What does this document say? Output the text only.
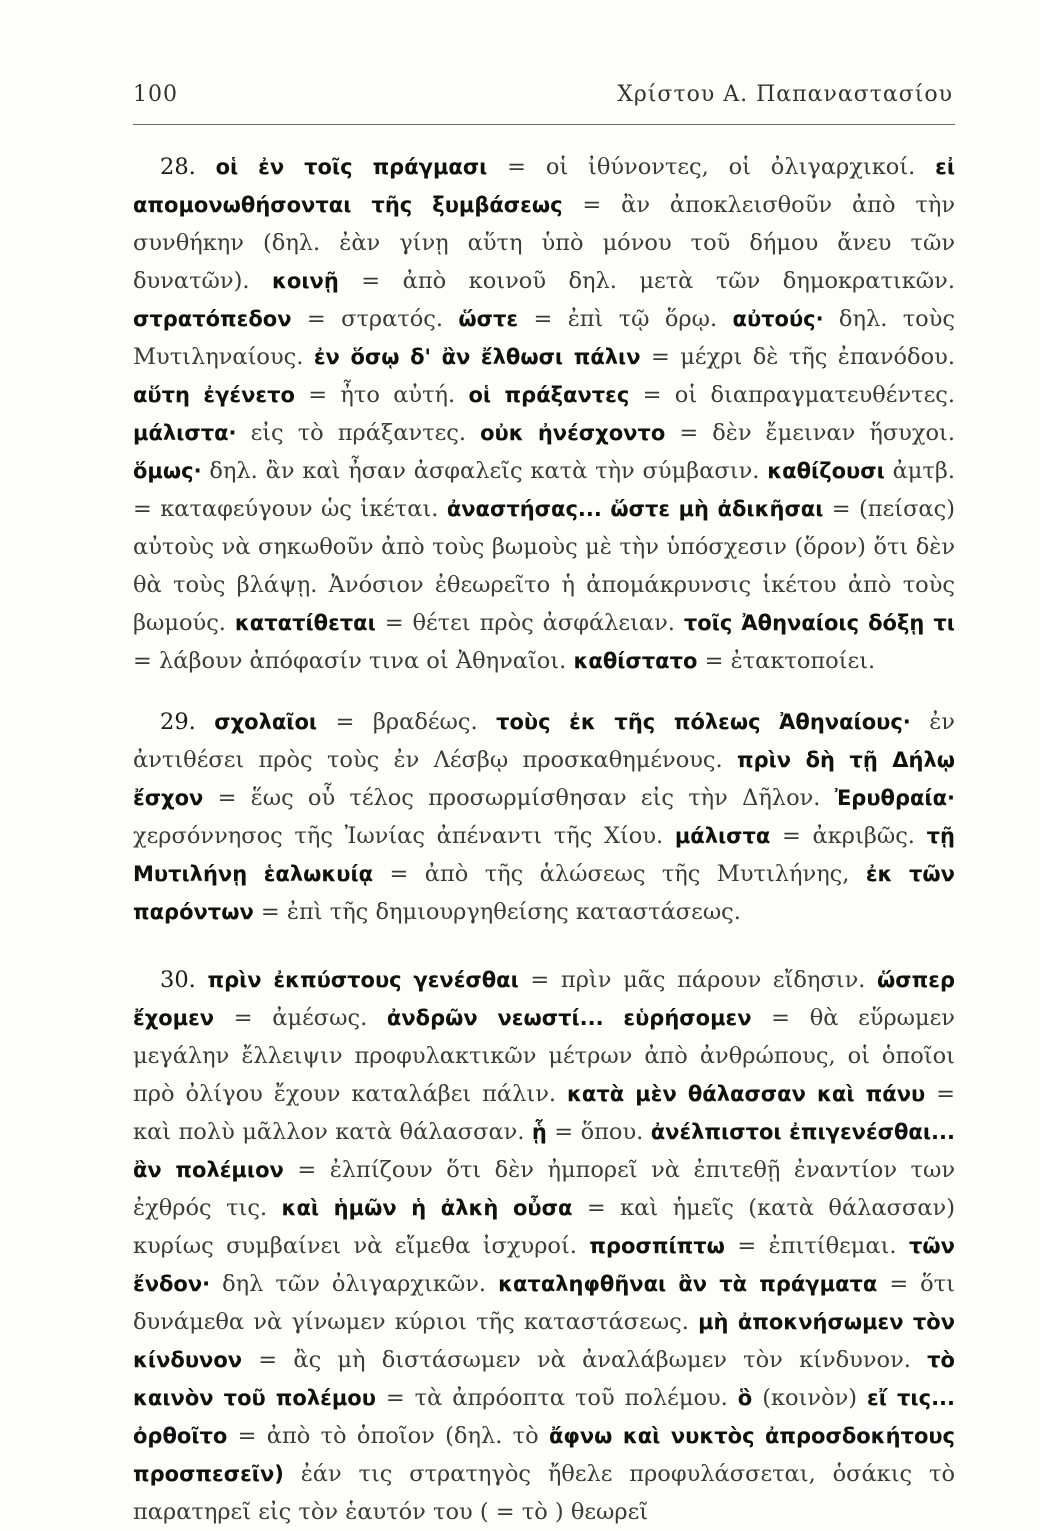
100	Χρίστου Α. Παπαναστασίου

28. οἱ ἐν τοῖς πράγμασι = οἱ ἰθύνοντες, οἱ ὀλιγαρχικοί. εἰ απομονωθήσονται τῆς ξυμβάσεως = ἂν ἀποκλεισθοῦν ἀπὸ τὴν συνθήκην (δηλ. ἐὰν γίνῃ αὕτη ὑπὸ μόνου τοῦ δήμου ἄνευ τῶν δυνατῶν). κοινῇ = ἀπὸ κοινοῦ δηλ. μετὰ τῶν δημοκρατικῶν. στρατόπεδον = στρατός. ὥστε = ἐπὶ τῷ ὅρῳ. αὐτούς· δηλ. τοὺς Μυτιληναίους. ἐν ὅσῳ δ' ἂν ἔλθωσι πάλιν = μέχρι δὲ τῆς ἐπανόδου. αὕτη ἐγένετο = ἦτο αὐτή. οἱ πράξαντες = οἱ διαπραγματευθέντες. μάλιστα· εἰς τὸ πράξαντες. οὐκ ἠνέσχοντο = δὲν ἔμειναν ἥσυχοι. ὅμως· δηλ. ἂν καὶ ἦσαν ἀσφαλεῖς κατὰ τὴν σύμβασιν. καθίζουσι ἀμτβ. = καταφεύγουν ὡς ἱκέται. ἀναστήσας... ὥστε μὴ ἀδικῆσαι = (πείσας) αὐτοὺς νὰ σηκωθοῦν ἀπὸ τοὺς βωμοὺς μὲ τὴν ὑπόσχεσιν (ὅρον) ὅτι δὲν θὰ τοὺς βλάψῃ. Ἀνόσιον ἐθεωρεῖτο ἡ ἀπομάκρυνσις ἱκέτου ἀπὸ τοὺς βωμούς. κατατίθεται = θέτει πρὸς ἀσφάλειαν. τοῖς Ἀθηναίοις δόξῃ τι = λάβουν ἀπόφασίν τινα οἱ Ἀθηναῖοι. καθίστατο = ἐτακτοποίει.

29. σχολαῖοι = βραδέως. τοὺς ἐκ τῆς πόλεως Ἀθηναίους· ἐν ἀντιθέσει πρὸς τοὺς ἐν Λέσβῳ προσκαθημένους. πρὶν δὴ τῇ Δήλῳ ἔσχον = ἕως οὗ τέλος προσωρμίσθησαν εἰς τὴν Δῆλον. Ἐρυθραία· χερσόννησος τῆς Ἰωνίας ἀπέναντι τῆς Χίου. μάλιστα = ἀκριβῶς. τῇ Μυτιλήνῃ ἑαλωκυίᾳ = ἀπὸ τῆς ἁλώσεως τῆς Μυτιλήνης, ἐκ τῶν παρόντων = ἐπὶ τῆς δημιουργηθείσης καταστάσεως.

30. πρὶν ἐκπύστους γενέσθαι = πρὶν μᾶς πάρουν εἴδησιν. ὥσπερ ἔχομεν = ἀμέσως. ἀνδρῶν νεωστί... εὑρήσομεν = θὰ εὕρωμεν μεγάλην ἔλλειψιν προφυλακτικῶν μέτρων ἀπὸ ἀνθρώπους, οἱ ὁποῖοι πρὸ ὀλίγου ἔχουν καταλάβει πάλιν. κατὰ μὲν θάλασσαν καὶ πάνυ = καὶ πολὺ μᾶλλον κατὰ θάλασσαν. ᾗ = ὅπου. ἀνέλπιστοι ἐπιγενέσθαι... ἂν πολέμιον = ἐλπίζουν ὅτι δὲν ἠμπορεῖ νὰ ἐπιτεθῇ ἐναντίον των ἐχθρός τις. καὶ ἡμῶν ἡ ἀλκὴ οὖσα = καὶ ἡμεῖς (κατὰ θάλασσαν) κυρίως συμβαίνει νὰ εἴμεθα ἰσχυροί. προσπίπτω = ἐπιτίθεμαι. τῶν ἔνδον· δηλ τῶν ὀλιγαρχικῶν. καταληφθῆναι ἂν τὰ πράγματα = ὅτι δυνάμεθα νὰ γίνωμεν κύριοι τῆς καταστάσεως. μὴ ἀποκνήσωμεν τὸν κίνδυνον = ἂς μὴ διστάσωμεν νὰ ἀναλάβωμεν τὸν κίνδυνον. τὸ καινὸν τοῦ πολέμου = τὰ ἀπρόοπτα τοῦ πολέμου. ὃ (κοινὸν) εἴ τις... ὀρθοῖτο = ἀπὸ τὸ ὁποῖον (δηλ. τὸ ἄφνω καὶ νυκτὸς ἀπροσδοκήτους προσπεσεῖν) ἐάν τις στρατηγὸς ἤθελε προφυλάσσεται, ὁσάκις τὸ παρατηρεῖ εἰς τὸν ἑαυτόν του ( = τὸ ) θεωρεῖ
